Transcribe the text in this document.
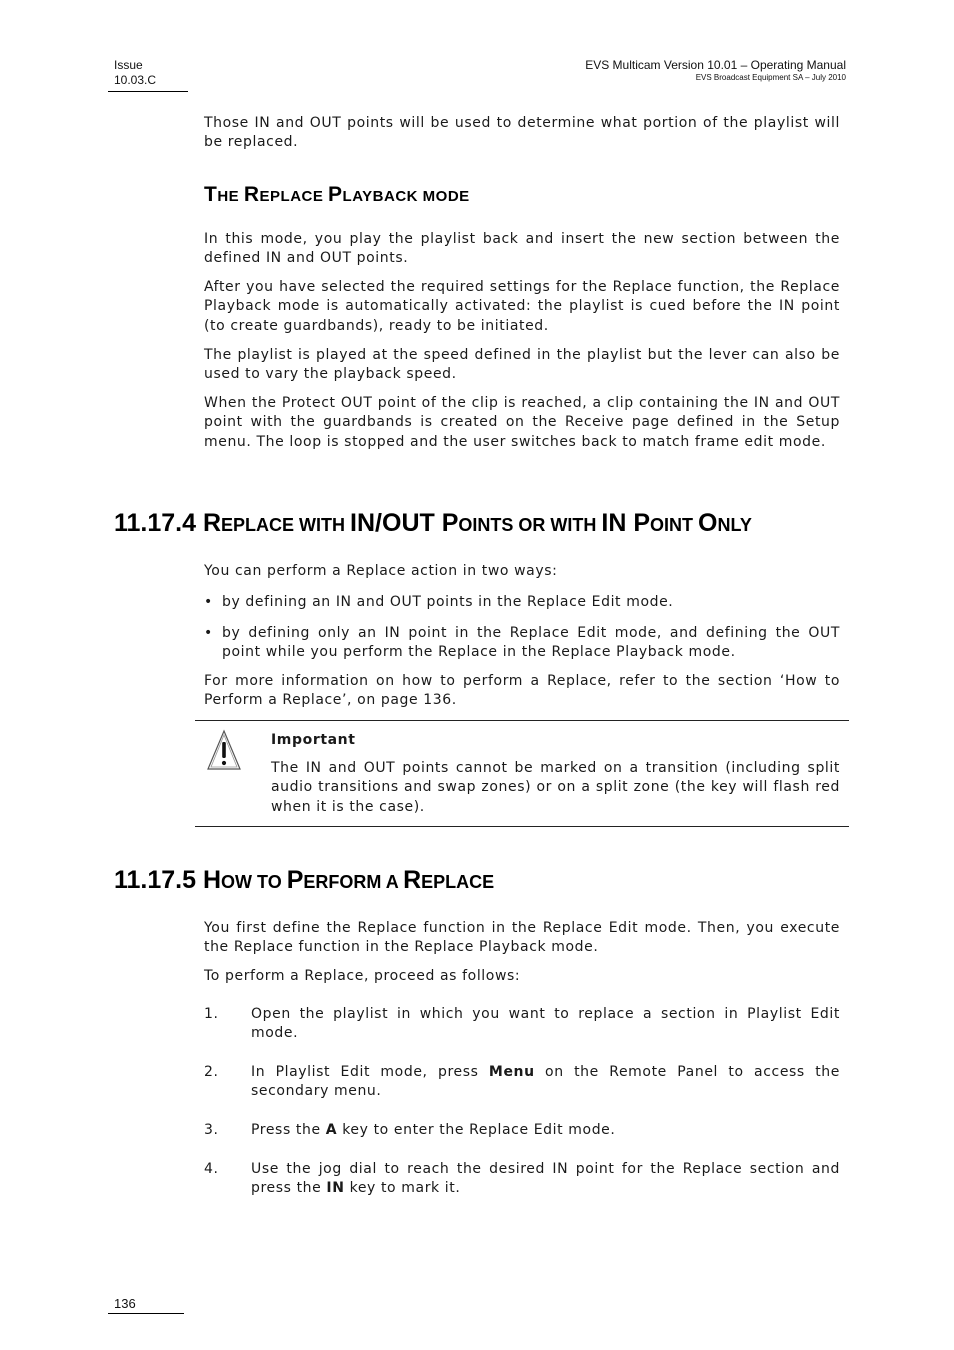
Issue
10.03.C
EVS Multicam Version 10.01 – Operating Manual
EVS Broadcast Equipment SA – July 2010
Those IN and OUT points will be used to determine what portion of the playlist will be replaced.
THE REPLACE PLAYBACK MODE
In this mode, you play the playlist back and insert the new section between the defined IN and OUT points.
After you have selected the required settings for the Replace function, the Replace Playback mode is automatically activated: the playlist is cued before the IN point (to create guardbands), ready to be initiated.
The playlist is played at the speed defined in the playlist but the lever can also be used to vary the playback speed.
When the Protect OUT point of the clip is reached, a clip containing the IN and OUT point with the guardbands is created on the Receive page defined in the Setup menu. The loop is stopped and the user switches back to match frame edit mode.
11.17.4 REPLACE WITH IN/OUT POINTS OR WITH IN POINT ONLY
You can perform a Replace action in two ways:
• by defining an IN and OUT points in the Replace Edit mode.
• by defining only an IN point in the Replace Edit mode, and defining the OUT point while you perform the Replace in the Replace Playback mode.
For more information on how to perform a Replace, refer to the section ‘How to Perform a Replace’, on page 136.
Important
The IN and OUT points cannot be marked on a transition (including split audio transitions and swap zones) or on a split zone (the key will flash red when it is the case).
11.17.5 HOW TO PERFORM A REPLACE
You first define the Replace function in the Replace Edit mode. Then, you execute the Replace function in the Replace Playback mode.
To perform a Replace, proceed as follows:
1. Open the playlist in which you want to replace a section in Playlist Edit mode.
2. In Playlist Edit mode, press Menu on the Remote Panel to access the secondary menu.
3. Press the A key to enter the Replace Edit mode.
4. Use the jog dial to reach the desired IN point for the Replace section and press the IN key to mark it.
136
